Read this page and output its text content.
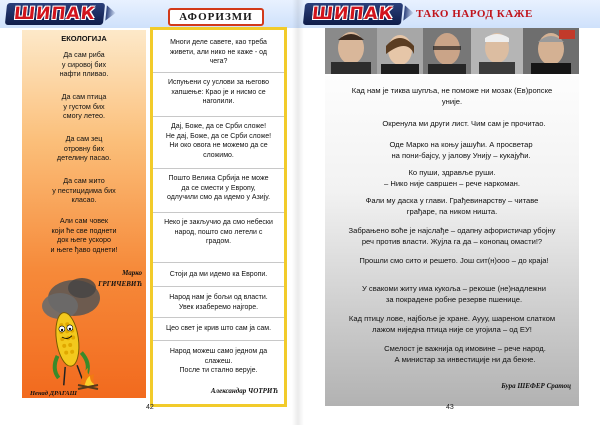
ШИПАК	АФОРИЗМИ
ЕКОЛОГИЈА
Да сам риба
у сировој бих
нафти пливао.
Да сам птица
у густом бих
смогу летео.
Да сам зец
отровну бих
детелину пасао.
Да сам жито
у пестицидима бих
класао.
Али сам човек
који ће све поднети
док његе ускоро
и његе ђаво однети!
Марко
ГРГИЧЕВИЋ
Ненад ДРАГАШ
Многи деле савете, као треба
живети, али нико не каже - од
чега?
Испуњени су услови за његово
хапшење: Крао је и нисмо се
наголили.
Дај, Боже, да се Срби сложе!
Не дај, Боже, да се Срби сложе!
Ни око овога не можемо да се
сложимо.
Пошто Велика Србија не може
да се смести у Европу,
одлучили смо да идемо у Азију.
Неко је закључио да смо небески
народ, пошто смо летели с
градом.
Стоји да ми идемо ка Европи.
Народ нам је бољи од власти.
Увек изаберемо најгоре.
Цео свет је крив што сам ја сам.
Народ можеш само једном да
слажеш.
После ти стално верује.
Александар ЧОТРИЋ
42
ШИПАК	ТАКО НАРОД КАЖЕ
Кад нам је тиква шупља, не поможе ни мозак (Ев)ропске
уније.
Окренула ми други лист. Чим сам је прочитао.
Оде Марко на коњу јашући. А просветар
на пони-бајсу, у јалову Унију – кукајући.
Ко пуши, здравље руши.
– Нико није савршен – рече наркоман.
Фали му даска у глави. Грађевинарству – читаве
грађаре, па ником ништа.
Забрањено воће је најслађе – одапну афористичар убојну
реч против власти. Жујла га да – конопац омасти!?
Прошли смо сито и решето. Још сит(н)ооо – до краја!
У свакоми житу има кукоља – рекоше (не)надлежни
за покрадене робне резерве пшенице.
Кад птицу лове, најбоље је хране. Аууу, шареном слатком
лажом ниједна птица није се угојила – од ЕУ!
Смелост је важнија од имовине – рече народ.
А министар за инвестиције ни да бекне.
Бура ШЕФЕР Сратоц
43
